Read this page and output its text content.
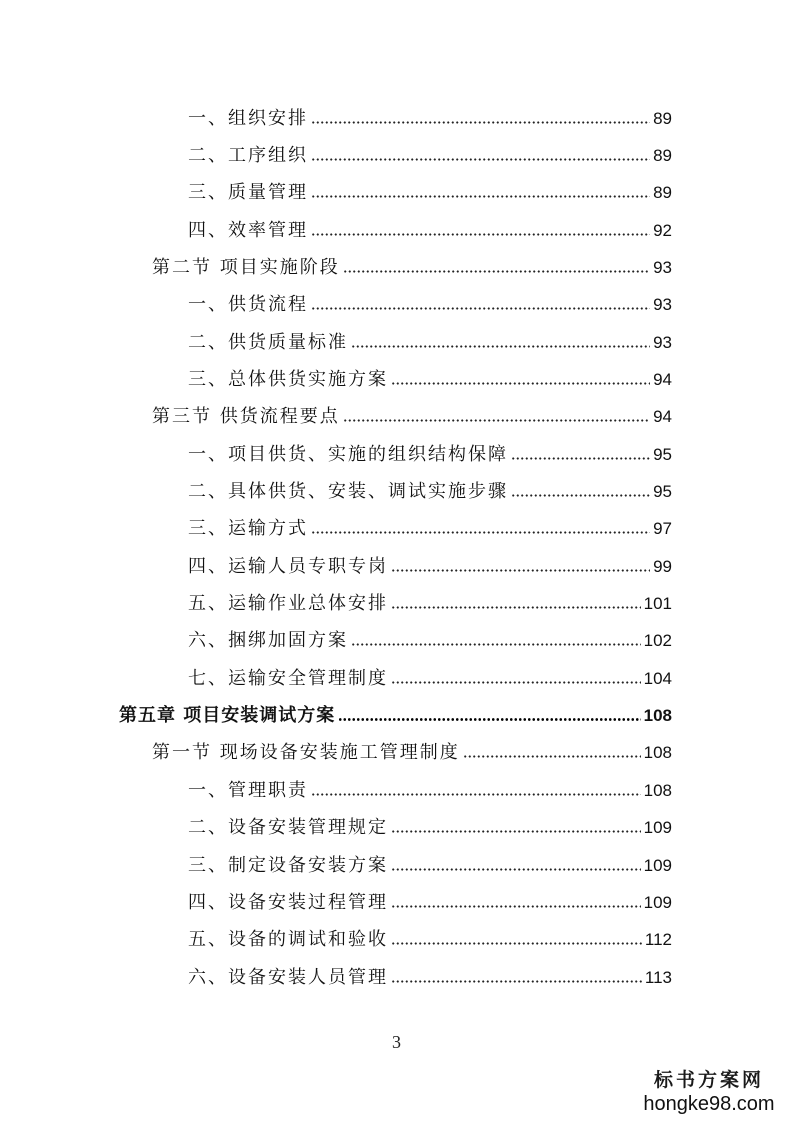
一、组织安排	89
二、工序组织	89
三、质量管理	89
四、效率管理	92
第二节 项目实施阶段	93
一、供货流程	93
二、供货质量标准	93
三、总体供货实施方案	94
第三节 供货流程要点	94
一、项目供货、实施的组织结构保障	95
二、具体供货、安装、调试实施步骤	95
三、运输方式	97
四、运输人员专职专岗	99
五、运输作业总体安排	101
六、捆绑加固方案	102
七、运输安全管理制度	104
第五章 项目安装调试方案	108
第一节 现场设备安装施工管理制度	108
一、管理职责	108
二、设备安装管理规定	109
三、制定设备安装方案	109
四、设备安装过程管理	109
五、设备的调试和验收	112
六、设备安装人员管理	113
3
标书方案网
hongke98.com
